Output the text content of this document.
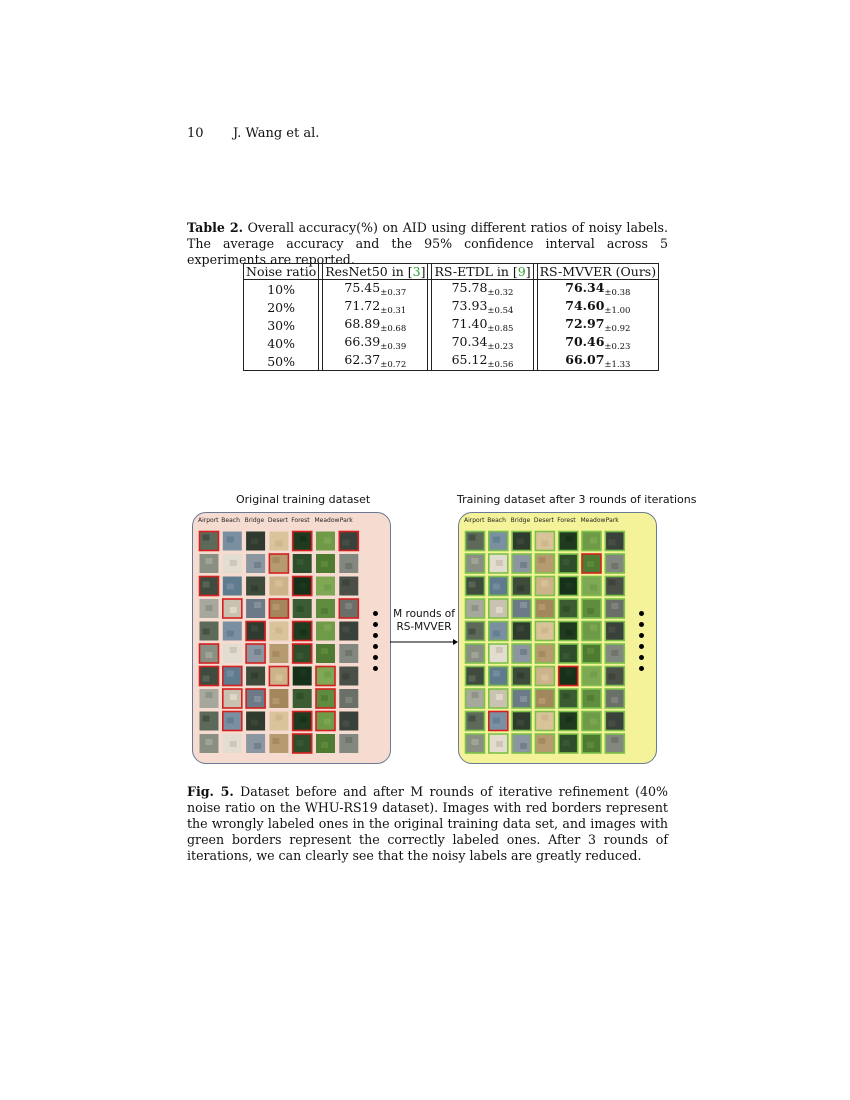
10 J. Wang et al.
Table 2. Overall accuracy(%) on AID using different ratios of noisy labels. The average accuracy and the 95% confidence interval across 5 experiments are reported.
Noise ratio		ResNet50 in [3]		RS-ETDL in [9]		RS-MVVER (Ours)
10%		$75.45_{\pm 0.37}$		$75.78_{\pm 0.32}$		$76.34_{\pm 0.38}$
20%		$71.72_{\pm 0.31}$		$73.93_{\pm 0.54}$		$74.60_{\pm 1.00}$
30%		$68.89_{\pm 0.68}$		$71.40_{\pm 0.85}$		$72.97_{\pm 0.92}$
40%		$66.39_{\pm 0.39}$		$70.34_{\pm 0.23}$		$70.46_{\pm 0.23}$
50%		$62.37_{\pm 0.72}$		$65.12_{\pm 0.56}$		$66.07_{\pm 1.33}$
Original training dataset	Training dataset after 3 rounds of iterations
Airport Beach Bridge Desert Forest Meadow Park
M rounds of RS-MVVER
Airport Beach Bridge Desert Forest Meadow Park
Fig. 5. Dataset before and after M rounds of iterative refinement (40% noise ratio on the WHU-RS19 dataset). Images with red borders represent the wrongly labeled ones in the original training data set, and images with green borders represent the correctly labeled ones. After 3 rounds of iterations, we can clearly see that the noisy labels are greatly reduced.
